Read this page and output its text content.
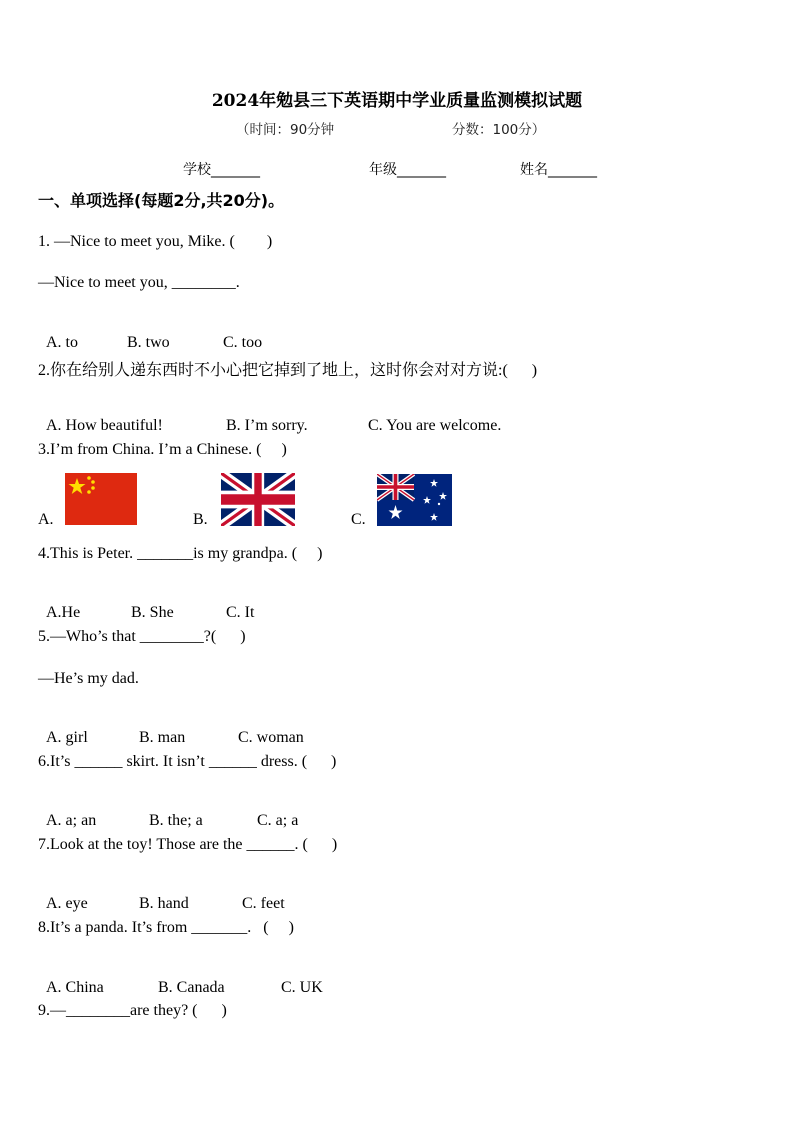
2024年勉县三下英语期中学业质量监测模拟试题
（时间：90分钟	分数：100分）
学校_______	年级_______	姓名_______
一、单项选择(每题2分,共20分)。
1. —Nice to meet you, Mike. (        )
—Nice to meet you, ________.

A. to	B. two	C. too

2.你在给别人递东西时不小心把它掉到了地上，这时你会对对方说:(      )

A. How beautiful!	B. I’m sorry.	C. You are welcome.

3.I’m from China. I’m a Chinese. (     )
A.	B.	C.
4.This is Peter. _______is my grandpa. (     )

A.He	B. She	C. It

5.—Who’s that ________?(      )
—He’s my dad.

A. girl	B. man	C. woman

6.It’s ______ skirt. It isn’t ______ dress. (      )

A. a; an	B. the; a	C. a; a

7.Look at the toy! Those are the ______. (      )

A. eye	B. hand	C. feet

8.It’s a panda. It’s from _______.   (     )

A. China	B. Canada	C. UK

9.—________are they? (      )
